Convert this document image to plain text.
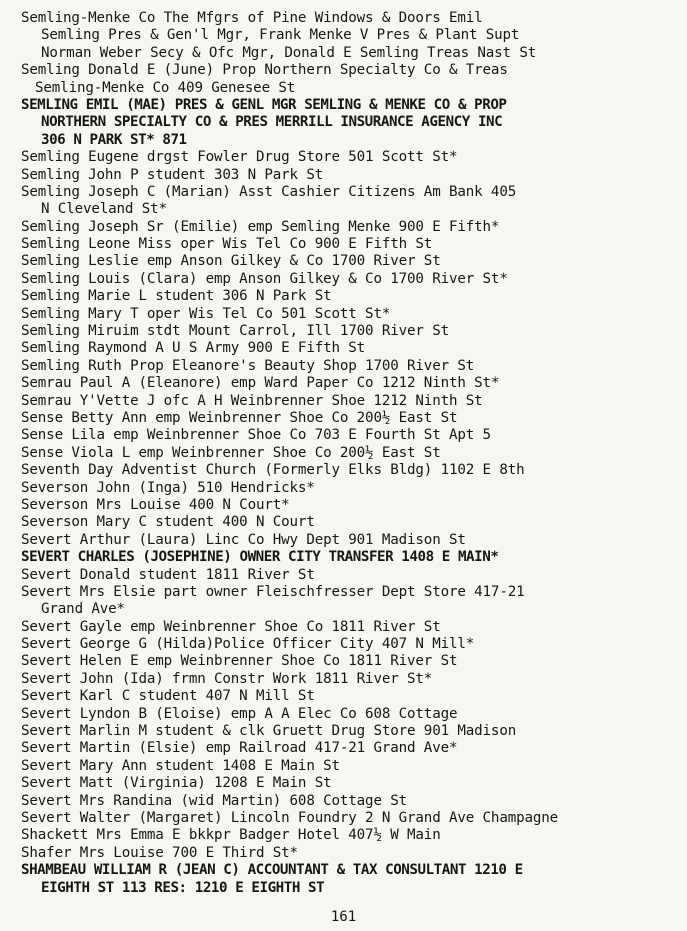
Semling-Menke Co The Mfgrs of Pine Windows & Doors Emil
Semling Pres & Gen'l Mgr, Frank Menke V Pres & Plant Supt
Norman Weber Secy & Ofc Mgr, Donald E Semling Treas Nast St
Semling Donald E (June) Prop Northern Specialty Co & Treas
Semling-Menke Co 409 Genesee St
SEMLING EMIL (MAE) PRES & GENL MGR SEMLING & MENKE CO & PROP
NORTHERN SPECIALTY CO & PRES MERRILL INSURANCE AGENCY INC
306 N PARK ST* 871
Semling Eugene drgst Fowler Drug Store 501 Scott St*
Semling John P student 303 N Park St
Semling Joseph C (Marian) Asst Cashier Citizens Am Bank 405
N Cleveland St*
Semling Joseph Sr (Emilie) emp Semling Menke 900 E Fifth*
Semling Leone Miss oper Wis Tel Co 900 E Fifth St
Semling Leslie emp Anson Gilkey & Co 1700 River St
Semling Louis (Clara) emp Anson Gilkey & Co 1700 River St*
Semling Marie L student 306 N Park St
Semling Mary T oper Wis Tel Co 501 Scott St*
Semling Miruim stdt Mount Carrol, Ill 1700 River St
Semling Raymond A U S Army 900 E Fifth St
Semling Ruth Prop Eleanore's Beauty Shop 1700 River St
Semrau Paul A (Eleanore) emp Ward Paper Co 1212 Ninth St*
Semrau Y'Vette J ofc A H Weinbrenner Shoe 1212 Ninth St
Sense Betty Ann emp Weinbrenner Shoe Co 200½ East St
Sense Lila emp Weinbrenner Shoe Co 703 E Fourth St Apt 5
Sense Viola L emp Weinbrenner Shoe Co 200½ East St
Seventh Day Adventist Church (Formerly Elks Bldg) 1102 E 8th
Severson John (Inga) 510 Hendricks*
Severson Mrs Louise 400 N Court*
Severson Mary C student 400 N Court
Severt Arthur (Laura) Linc Co Hwy Dept 901 Madison St
SEVERT CHARLES (JOSEPHINE) OWNER CITY TRANSFER 1408 E MAIN*
Severt Donald student 1811 River St
Severt Mrs Elsie part owner Fleischfresser Dept Store 417-21
Grand Ave*
Severt Gayle emp Weinbrenner Shoe Co 1811 River St
Severt George G (Hilda)Police Officer City 407 N Mill*
Severt Helen E emp Weinbrenner Shoe Co 1811 River St
Severt John (Ida) frmn Constr Work 1811 River St*
Severt Karl C student 407 N Mill St
Severt Lyndon B (Eloise) emp A A Elec Co 608 Cottage
Severt Marlin M student & clk Gruett Drug Store 901 Madison
Severt Martin (Elsie) emp Railroad 417-21 Grand Ave*
Severt Mary Ann student 1408 E Main St
Severt Matt (Virginia) 1208 E Main St
Severt Mrs Randina (wid Martin) 608 Cottage St
Severt Walter (Margaret) Lincoln Foundry 2 N Grand Ave Champagne
Shackett Mrs Emma E bkkpr Badger Hotel 407½ W Main
Shafer Mrs Louise 700 E Third St*
SHAMBEAU WILLIAM R (JEAN C) ACCOUNTANT & TAX CONSULTANT 1210 E
EIGHTH ST 113 RES: 1210 E EIGHTH ST
161
